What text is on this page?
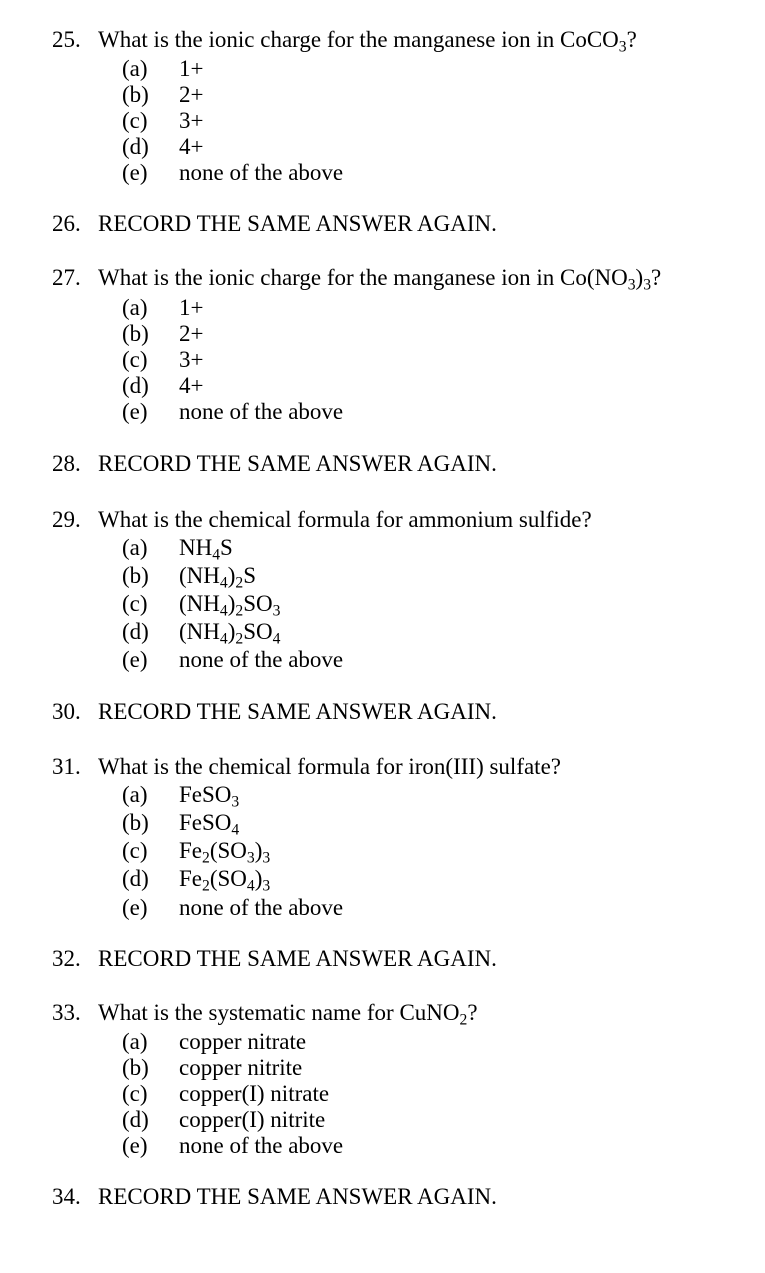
25. What is the ionic charge for the manganese ion in CoCO$_3$?
(a) 1+
(b) 2+
(c) 3+
(d) 4+
(e) none of the above
26. RECORD THE SAME ANSWER AGAIN.
27. What is the ionic charge for the manganese ion in $Co(NO_3)_3$?
(a) 1+
(b) 2+
(c) 3+
(d) 4+
(e) none of the above
28. RECORD THE SAME ANSWER AGAIN.
29. What is the chemical formula for ammonium sulfide?
(a) $NH_4S$
(b) $(NH_4)_2S$
(c) $(NH_4)_2SO_3$
(d) $(NH_4)_2SO_4$
(e) none of the above
30. RECORD THE SAME ANSWER AGAIN.
31. What is the chemical formula for iron(III) sulfate?
(a) FeSO$_3$
(b) FeSO$_4$
(c) $Fe_2(SO_3)_3$
(d) $Fe_2(SO_4)_3$
(e) none of the above
32. RECORD THE SAME ANSWER AGAIN.
33. What is the systematic name for CuNO$_2$?
(a) copper nitrate
(b) copper nitrite
(c) copper(I) nitrate
(d) copper(I) nitrite
(e) none of the above
34. RECORD THE SAME ANSWER AGAIN.
